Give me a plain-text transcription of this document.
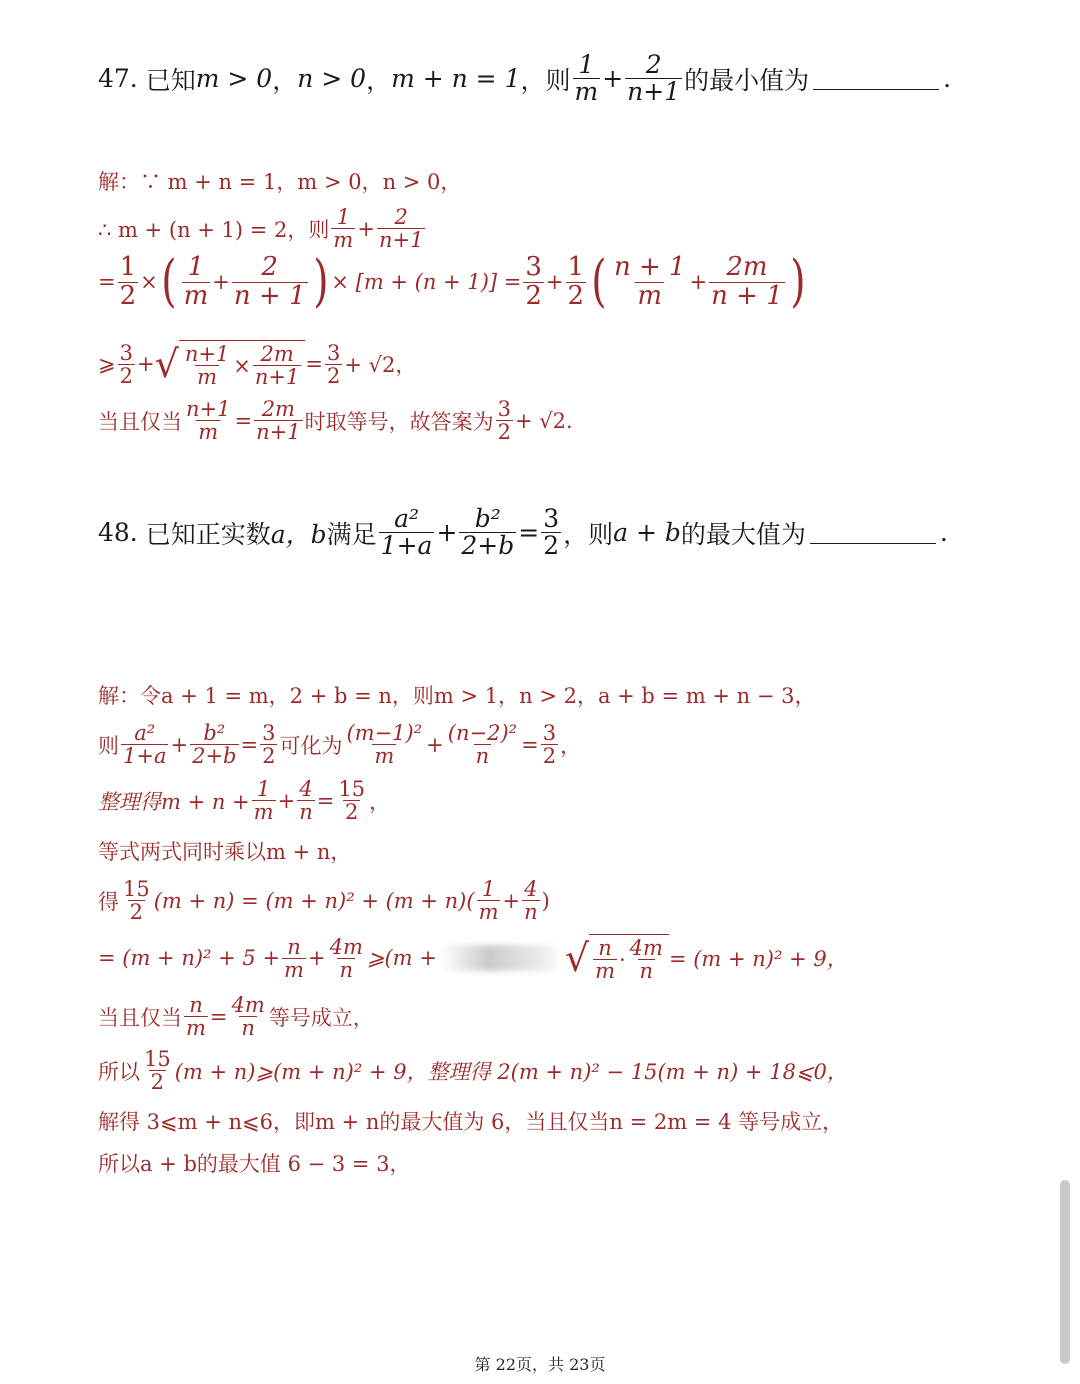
47.
已知 m > 0 ， n > 0 ， m + n = 1 ，则 $\frac{1}{m} + \frac{2}{n+1}$ 的最小值为	.
解：∵ m + n = 1，m > 0，n > 0，
∴ m + (n + 1) = 2，则 $\frac{1}{m} + \frac{2}{n+1}$
= $\frac{1}{2}$ × ( $\frac{1}{m} + \frac{2}{n + 1}$ ) × $[m + (n + 1)] = \frac{3}{2} + \frac{1}{2}$ ( $\frac{n + 1}{m} + \frac{2m}{n + 1}$ )
⩾ $\frac{3}{2}$ + √ $\frac{n+1}{m} \times \frac{2m}{n+1} = \frac{3}{2} + √2$，
当且仅当 $\frac{n+1}{m} = \frac{2m}{n+1}$ 时取等号，故答案为 $\frac{3}{2} + √2$.
48.
已知正实数 a，b 满足 $\frac{\text{a²}}{1+a} + \frac{\text{b²}}{2+b} = \frac{3}{2}$ ，则 a + b 的最大值为	.
解：令a + 1 = m，2 + b = n，则m > 1，n > 2，a + b = m + n − 3，
则 $\frac{\text{a²}}{1+a} + \frac{\text{b²}}{2+b} = \frac{3}{2}$ 可化为 $\frac{\text{(m−1)²}}{m} + \frac{\text{(n−2)²}}{n} = \frac{3}{2}$ ，
整理得$m + n + \frac{1}{m} + \frac{4}{n} = \frac{15}{2}$ ，
等式两式同时乘以m + n，
得 $\frac{15}{2} (m + n) = (m + n)^2 + (m + n)( \frac{1}{m} + \frac{4}{n}$ )
= $(m + n)^2 + 5 + \frac{n}{m} + \frac{4m}{n}$ ⩾(m +	√ $\frac{n}{m} \cdot \frac{4m}{n} = (m + n)^2 + 9$，
当且仅当 $\frac{n}{m} = \frac{4m}{n}$ 等号成立，
所以 $\frac{15}{2} (m$ + n)⩾(m + n)² + 9，整理得 2(m + n)² − 15(m + n) + 18⩽0，
解得 3⩽m + n⩽6，即m + n的最大值为 6，当且仅当n = 2m = 4 等号成立，
所以a + b的最大值 6 − 3 = 3，
第 22页，共 23页
